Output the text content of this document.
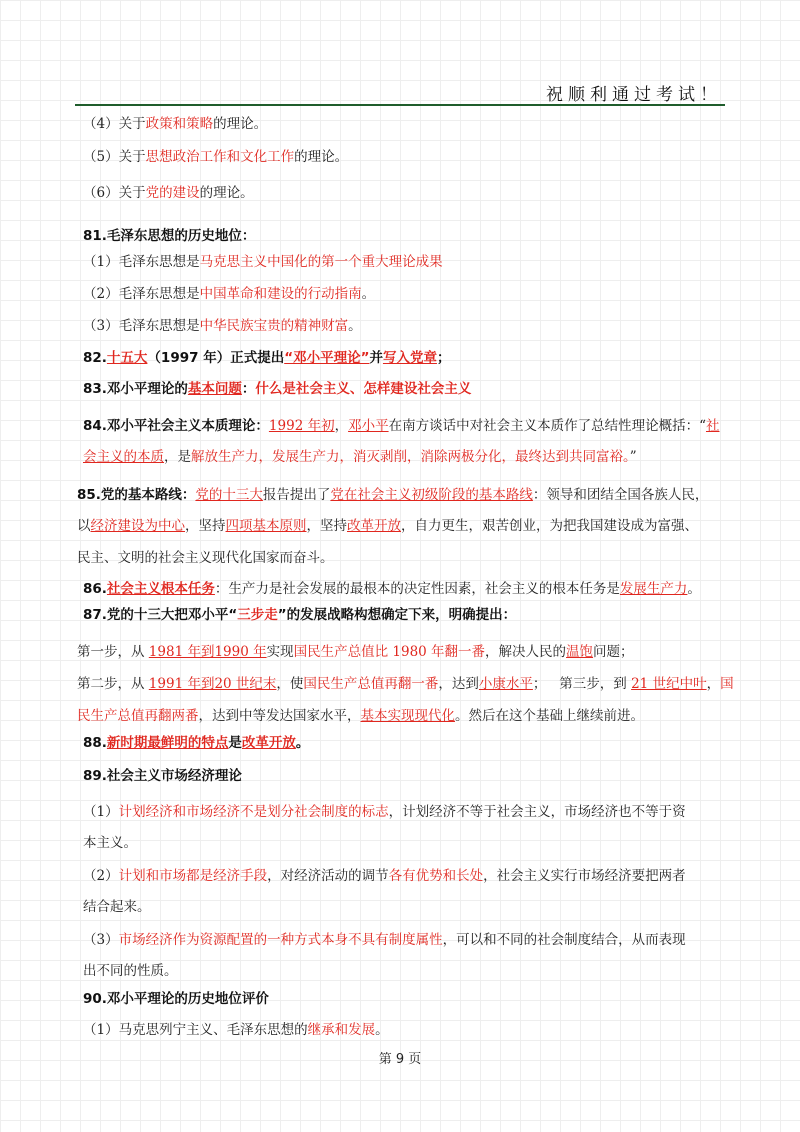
祝顺利通过考试！
（4）关于政策和策略的理论。
（5）关于思想政治工作和文化工作的理论。
（6）关于党的建设的理论。
81.毛泽东思想的历史地位：
（1）毛泽东思想是马克思主义中国化的第一个重大理论成果
（2）毛泽东思想是中国革命和建设的行动指南。
（3）毛泽东思想是中华民族宝贵的精神财富。
82.十五大（1997 年）正式提出“邓小平理论”并写入党章；
83.邓小平理论的基本问题：什么是社会主义、怎样建设社会主义
84.邓小平社会主义本质理论：1992 年初，邓小平在南方谈话中对社会主义本质作了总结性理论概括：“社
会主义的本质，是解放生产力，发展生产力，消灭剥削，消除两极分化，最终达到共同富裕。”
85.党的基本路线：党的十三大报告提出了党在社会主义初级阶段的基本路线：领导和团结全国各族人民，
以经济建设为中心，坚持四项基本原则，坚持改革开放，自力更生，艰苦创业，为把我国建设成为富强、
民主、文明的社会主义现代化国家而奋斗。
86.社会主义根本任务：生产力是社会发展的最根本的决定性因素，社会主义的根本任务是发展生产力。
87.党的十三大把邓小平“三步走”的发展战略构想确定下来，明确提出：
第一步，从 1981 年到1990 年实现国民生产总值比 1980 年翻一番，解决人民的温饱问题；
第二步，从 1991 年到20 世纪末，使国民生产总值再翻一番，达到小康水平； 第三步，到 21 世纪中叶，国
民生产总值再翻两番，达到中等发达国家水平，基本实现现代化。然后在这个基础上继续前进。
88.新时期最鲜明的特点是改革开放。
89.社会主义市场经济理论
（1）计划经济和市场经济不是划分社会制度的标志，计划经济不等于社会主义，市场经济也不等于资
本主义。
（2）计划和市场都是经济手段，对经济活动的调节各有优势和长处，社会主义实行市场经济要把两者
结合起来。
（3）市场经济作为资源配置的一种方式本身不具有制度属性，可以和不同的社会制度结合，从而表现
出不同的性质。
90.邓小平理论的历史地位评价
（1）马克思列宁主义、毛泽东思想的继承和发展。
第 9 页
